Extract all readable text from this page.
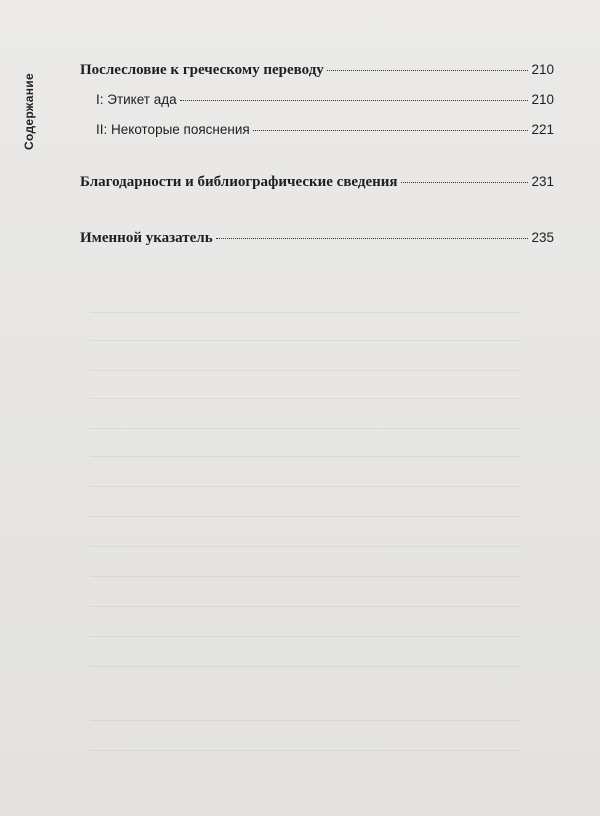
Содержание
Послесловие к греческому переводу	210
I: Этикет ада	210
II: Некоторые пояснения	221
Благодарности и библиографические сведения	231
Именной указатель	235
